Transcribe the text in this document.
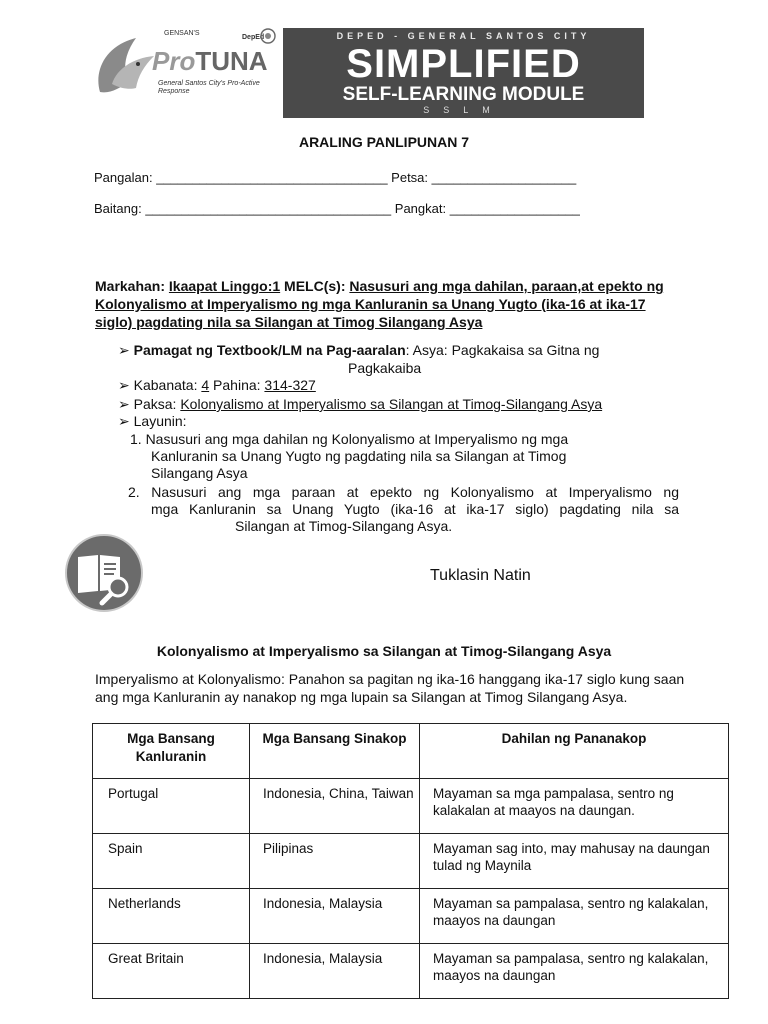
GENSAN'S
DepEd
ProTUNA
General Santos City's Pro-Active Response
DEPED - GENERAL SANTOS CITY
SIMPLIFIED
SELF-LEARNING MODULE
SSLM
ARALING PANLIPUNAN 7
Pangalan: ________________________________ Petsa: ____________________
Baitang: __________________________________ Pangkat: __________________
Markahan: Ikaapat Linggo:1 MELC(s): Nasusuri ang mga dahilan, paraan,at epekto ng Kolonyalismo at Imperyalismo ng mga Kanluranin sa Unang Yugto (ika-16 at ika-17 siglo) pagdating nila sa Silangan at Timog Silangang Asya
➢ Pamagat ng Textbook/LM na Pag-aaralan: Asya: Pagkakaisa sa Gitna ng
Pagkakaiba
➢ Kabanata: 4 Pahina: 314-327
➢ Paksa: Kolonyalismo at Imperyalismo sa Silangan at Timog-Silangang Asya
➢ Layunin:
1. Nasusuri ang mga dahilan ng Kolonyalismo at Imperyalismo ng mga
Kanluranin sa Unang Yugto ng pagdating nila sa Silangan at Timog
Silangang Asya
2. Nasusuri ang mga paraan at epekto ng Kolonyalismo at Imperyalismo ng
mga Kanluranin sa Unang Yugto (ika-16 at ika-17 siglo) pagdating nila sa
Silangan at Timog-Silangang Asya.
Tuklasin Natin
Kolonyalismo at Imperyalismo sa Silangan at Timog-Silangang Asya
Imperyalismo at Kolonyalismo: Panahon sa pagitan ng ika-16 hanggang ika-17 siglo kung saan ang mga Kanluranin ay nanakop ng mga lupain sa Silangan at Timog Silangang Asya.
Mga Bansang Kanluranin	Mga Bansang Sinakop	Dahilan ng Pananakop
Portugal	Indonesia, China, Taiwan	Mayaman sa mga pampalasa, sentro ng kalakalan at maayos na daungan.
Spain	Pilipinas	Mayaman sag into, may mahusay na daungan tulad ng Maynila
Netherlands	Indonesia, Malaysia	Mayaman sa pampalasa, sentro ng kalakalan, maayos na daungan
Great Britain	Indonesia, Malaysia	Mayaman sa pampalasa, sentro ng kalakalan, maayos na daungan
